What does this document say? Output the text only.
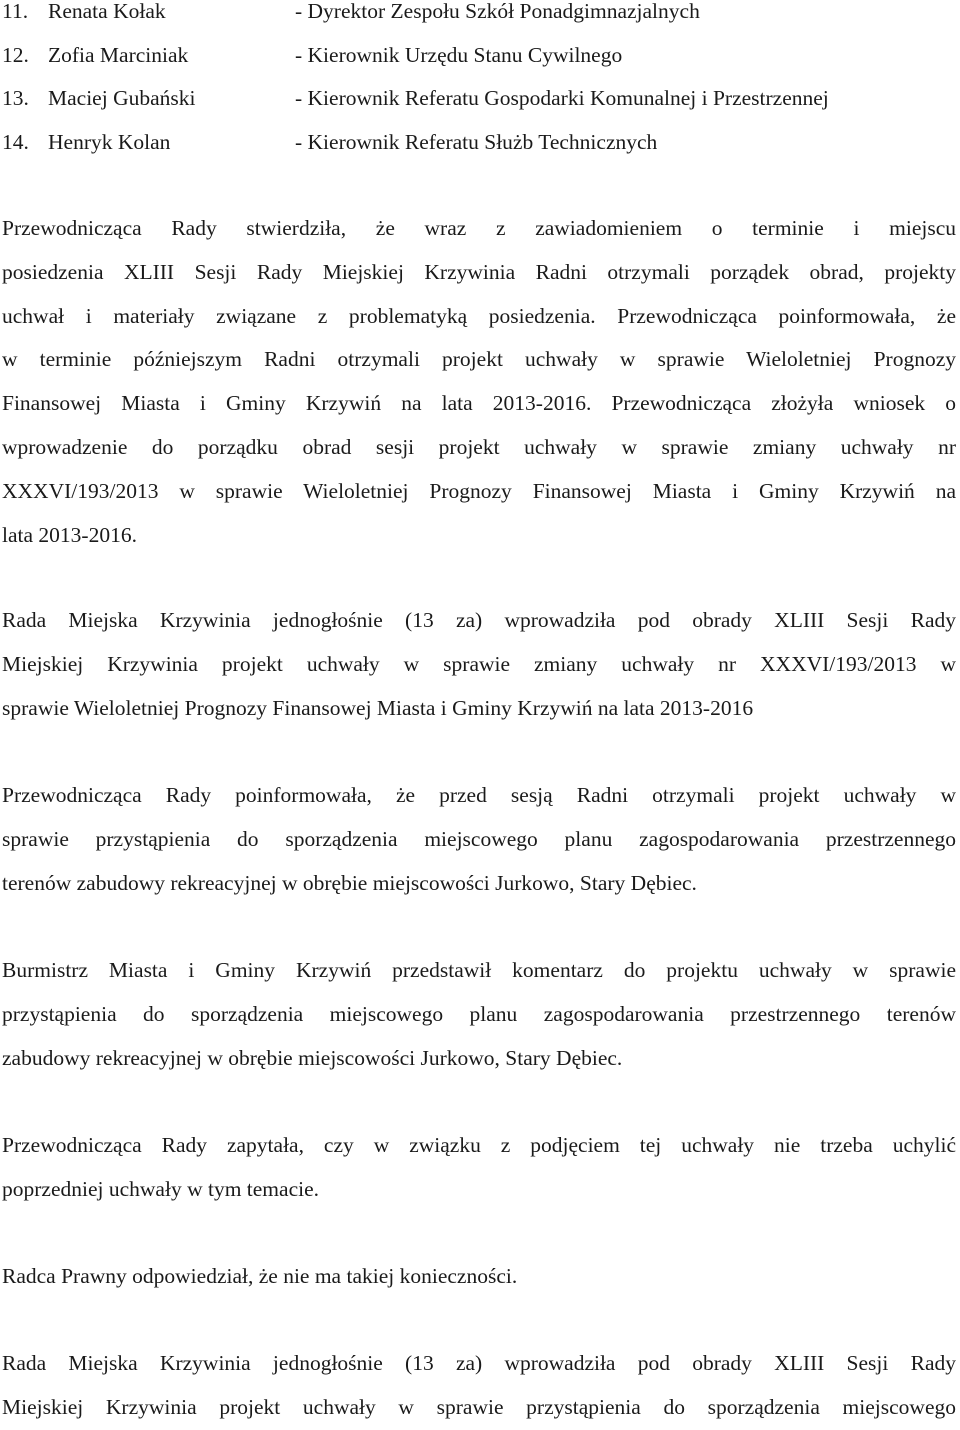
11. Renata Kołak	- Dyrektor Zespołu Szkół Ponadgimnazjalnych
12. Zofia Marciniak	- Kierownik Urzędu Stanu Cywilnego
13. Maciej Gubański	- Kierownik Referatu Gospodarki Komunalnej i Przestrzennej
14. Henryk Kolan	- Kierownik Referatu Służb Technicznych

Przewodnicząca Rady stwierdziła, że wraz z zawiadomieniem o terminie i miejscu
posiedzenia XLIII Sesji Rady Miejskiej Krzywinia Radni otrzymali porządek obrad, projekty
uchwał i materiały związane z problematyką posiedzenia. Przewodnicząca poinformowała, że
w terminie późniejszym Radni otrzymali projekt uchwały w sprawie Wieloletniej Prognozy
Finansowej Miasta i Gminy Krzywiń na lata 2013-2016. Przewodnicząca złożyła wniosek o
wprowadzenie do porządku obrad sesji projekt uchwały w sprawie zmiany uchwały nr
XXXVI/193/2013 w sprawie Wieloletniej Prognozy Finansowej Miasta i Gminy Krzywiń na
lata 2013-2016.

Rada Miejska Krzywinia jednogłośnie (13 za) wprowadziła pod obrady XLIII Sesji Rady
Miejskiej Krzywinia projekt uchwały w sprawie zmiany uchwały nr XXXVI/193/2013 w
sprawie Wieloletniej Prognozy Finansowej Miasta i Gminy Krzywiń na lata 2013-2016

Przewodnicząca Rady poinformowała, że przed sesją Radni otrzymali projekt uchwały w
sprawie przystąpienia do sporządzenia miejscowego planu zagospodarowania przestrzennego
terenów zabudowy rekreacyjnej w obrębie miejscowości Jurkowo, Stary Dębiec.

Burmistrz Miasta i Gminy Krzywiń przedstawił komentarz do projektu uchwały w sprawie
przystąpienia do sporządzenia miejscowego planu zagospodarowania przestrzennego terenów
zabudowy rekreacyjnej w obrębie miejscowości Jurkowo, Stary Dębiec.

Przewodnicząca Rady zapytała, czy w związku z podjęciem tej uchwały nie trzeba uchylić
poprzedniej uchwały w tym temacie.

Radca Prawny odpowiedział, że nie ma takiej konieczności.

Rada Miejska Krzywinia jednogłośnie (13 za) wprowadziła pod obrady XLIII Sesji Rady
Miejskiej Krzywinia projekt uchwały w sprawie przystąpienia do sporządzenia miejscowego
